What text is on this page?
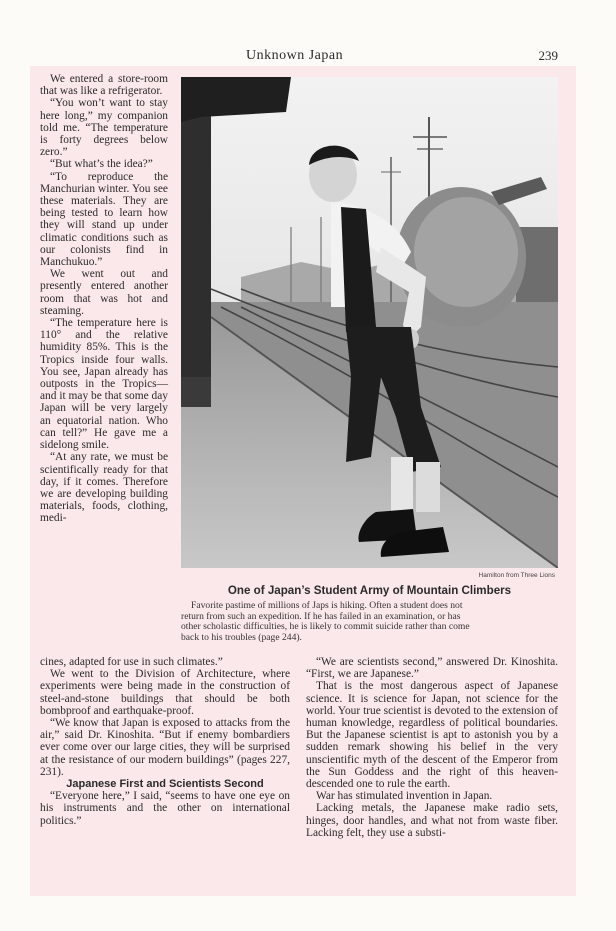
Unknown Japan	239

We entered a store-room that was like a refrigerator.

“You won’t want to stay here long,” my companion told me. “The temperature is forty degrees below zero.”

“But what’s the idea?”

“To reproduce the Manchurian winter. You see these materials. They are being tested to learn how they will stand up under climatic conditions such as our colonists find in Manchukuo.”

We went out and presently entered another room that was hot and steaming.

“The temperature here is 110° and the relative humidity 85%. This is the Tropics inside four walls. You see, Japan already has outposts in the Tropics—and it may be that some day Japan will be very largely an equatorial nation. Who can tell?” He gave me a sidelong smile.

“At any rate, we must be scientifically ready for that day, if it comes. Therefore we are developing building materials, foods, clothing, medi-

Hamilton from Three Lions
One of Japan’s Student Army of Mountain Climbers
Favorite pastime of millions of Japs is hiking. Often a student does not
return from such an expedition. If he has failed in an examination, or has
other scholastic difficulties, he is likely to commit suicide rather than come
back to his troubles (page 244).

cines, adapted for use in such climates.”

We went to the Division of Architecture, where experiments were being made in the construction of steel-and-stone buildings that should be both bombproof and earthquake-proof.

“We know that Japan is exposed to attacks from the air,” said Dr. Kinoshita. “But if enemy bombardiers ever come over our large cities, they will be surprised at the resistance of our modern buildings” (pages 227, 231).

Japanese First and Scientists Second

“Everyone here,” I said, “seems to have one eye on his instruments and the other on international politics.”

“We are scientists second,” answered Dr. Kinoshita. “First, we are Japanese.”

That is the most dangerous aspect of Japanese science. It is science for Japan, not science for the world. Your true scientist is devoted to the extension of human knowledge, regardless of political boundaries. But the Japanese scientist is apt to astonish you by a sudden remark showing his belief in the very unscientific myth of the descent of the Emperor from the Sun Goddess and the right of this heaven-descended one to rule the earth.

War has stimulated invention in Japan.

Lacking metals, the Japanese make radio sets, hinges, door handles, and what not from waste fiber. Lacking felt, they use a substi-
